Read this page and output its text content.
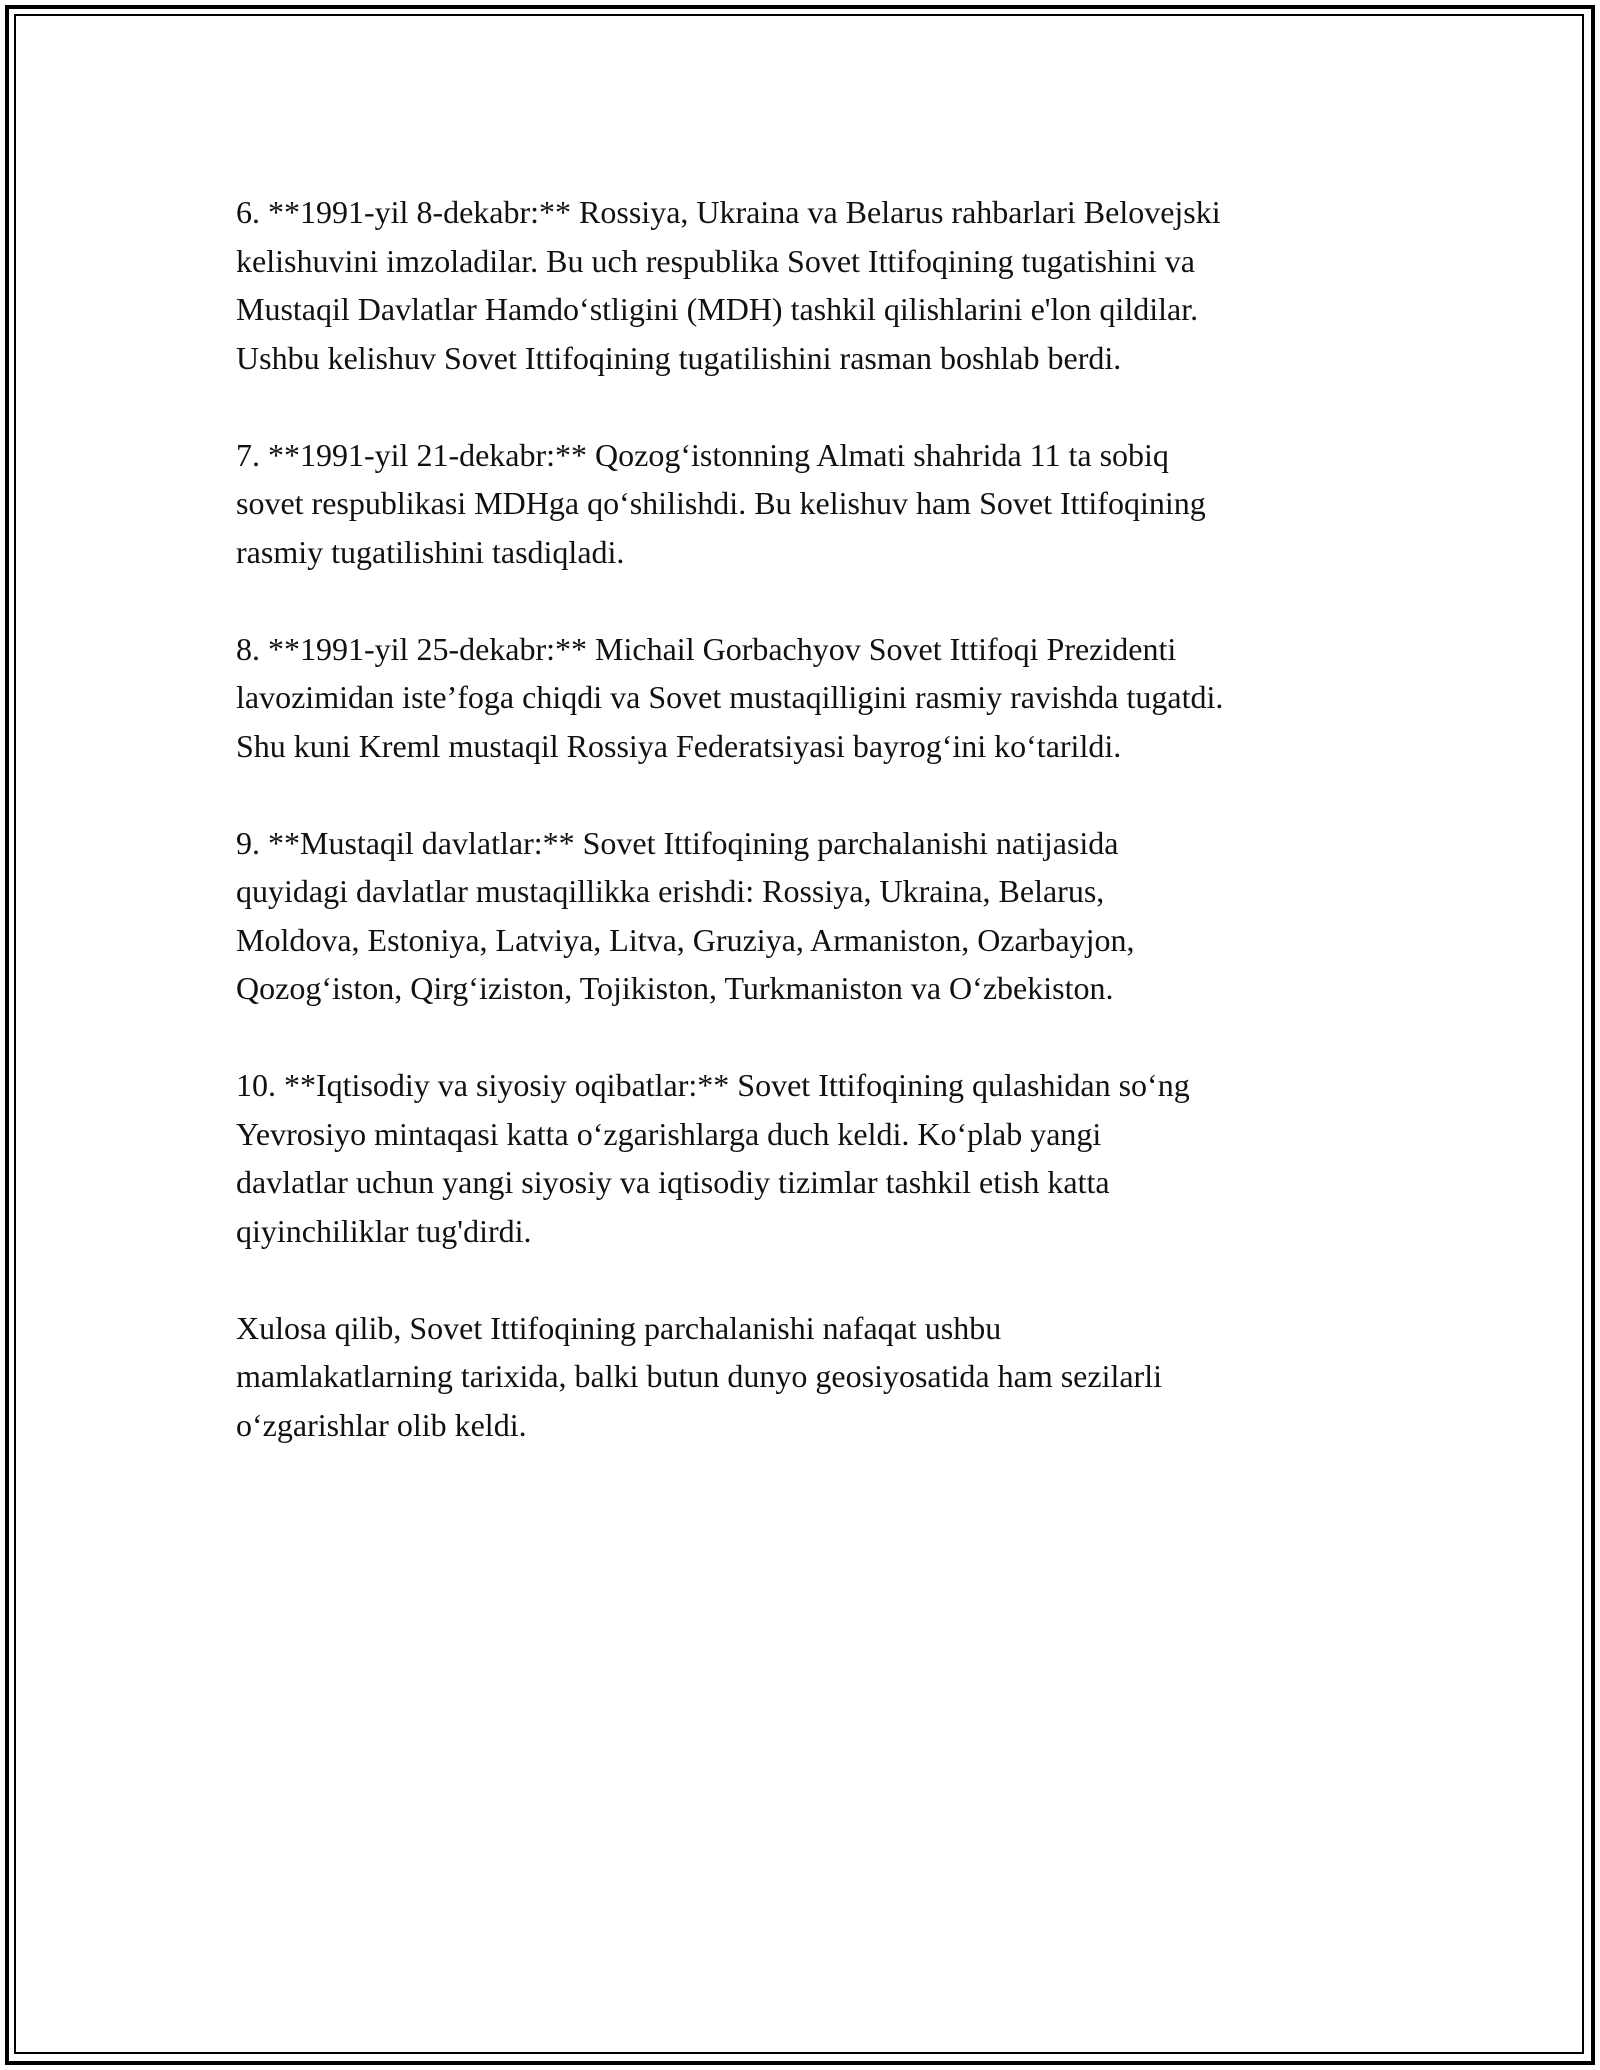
6. **1991-yil 8-dekabr:** Rossiya, Ukraina va Belarus rahbarlari Belovejski
kelishuvini imzoladilar. Bu uch respublika Sovet Ittifoqining tugatishini va
Mustaqil Davlatlar Hamdo‘stligini (MDH) tashkil qilishlarini e'lon qildilar.
Ushbu kelishuv Sovet Ittifoqining tugatilishini rasman boshlab berdi.

7. **1991-yil 21-dekabr:** Qozog‘istonning Almati shahrida 11 ta sobiq
sovet respublikasi MDHga qo‘shilishdi. Bu kelishuv ham Sovet Ittifoqining
rasmiy tugatilishini tasdiqladi.

8. **1991-yil 25-dekabr:** Michail Gorbachyov Sovet Ittifoqi Prezidenti
lavozimidan iste’foga chiqdi va Sovet mustaqilligini rasmiy ravishda tugatdi.
Shu kuni Kreml mustaqil Rossiya Federatsiyasi bayrog‘ini ko‘tarildi.

9. **Mustaqil davlatlar:** Sovet Ittifoqining parchalanishi natijasida
quyidagi davlatlar mustaqillikka erishdi: Rossiya, Ukraina, Belarus,
Moldova, Estoniya, Latviya, Litva, Gruziya, Armaniston, Ozarbayjon,
Qozog‘iston, Qirg‘iziston, Tojikiston, Turkmaniston va O‘zbekiston.

10. **Iqtisodiy va siyosiy oqibatlar:** Sovet Ittifoqining qulashidan so‘ng
Yevrosiyo mintaqasi katta o‘zgarishlarga duch keldi. Ko‘plab yangi
davlatlar uchun yangi siyosiy va iqtisodiy tizimlar tashkil etish katta
qiyinchiliklar tug'dirdi.

Xulosa qilib, Sovet Ittifoqining parchalanishi nafaqat ushbu
mamlakatlarning tarixida, balki butun dunyo geosiyosatida ham sezilarli
o‘zgarishlar olib keldi.
